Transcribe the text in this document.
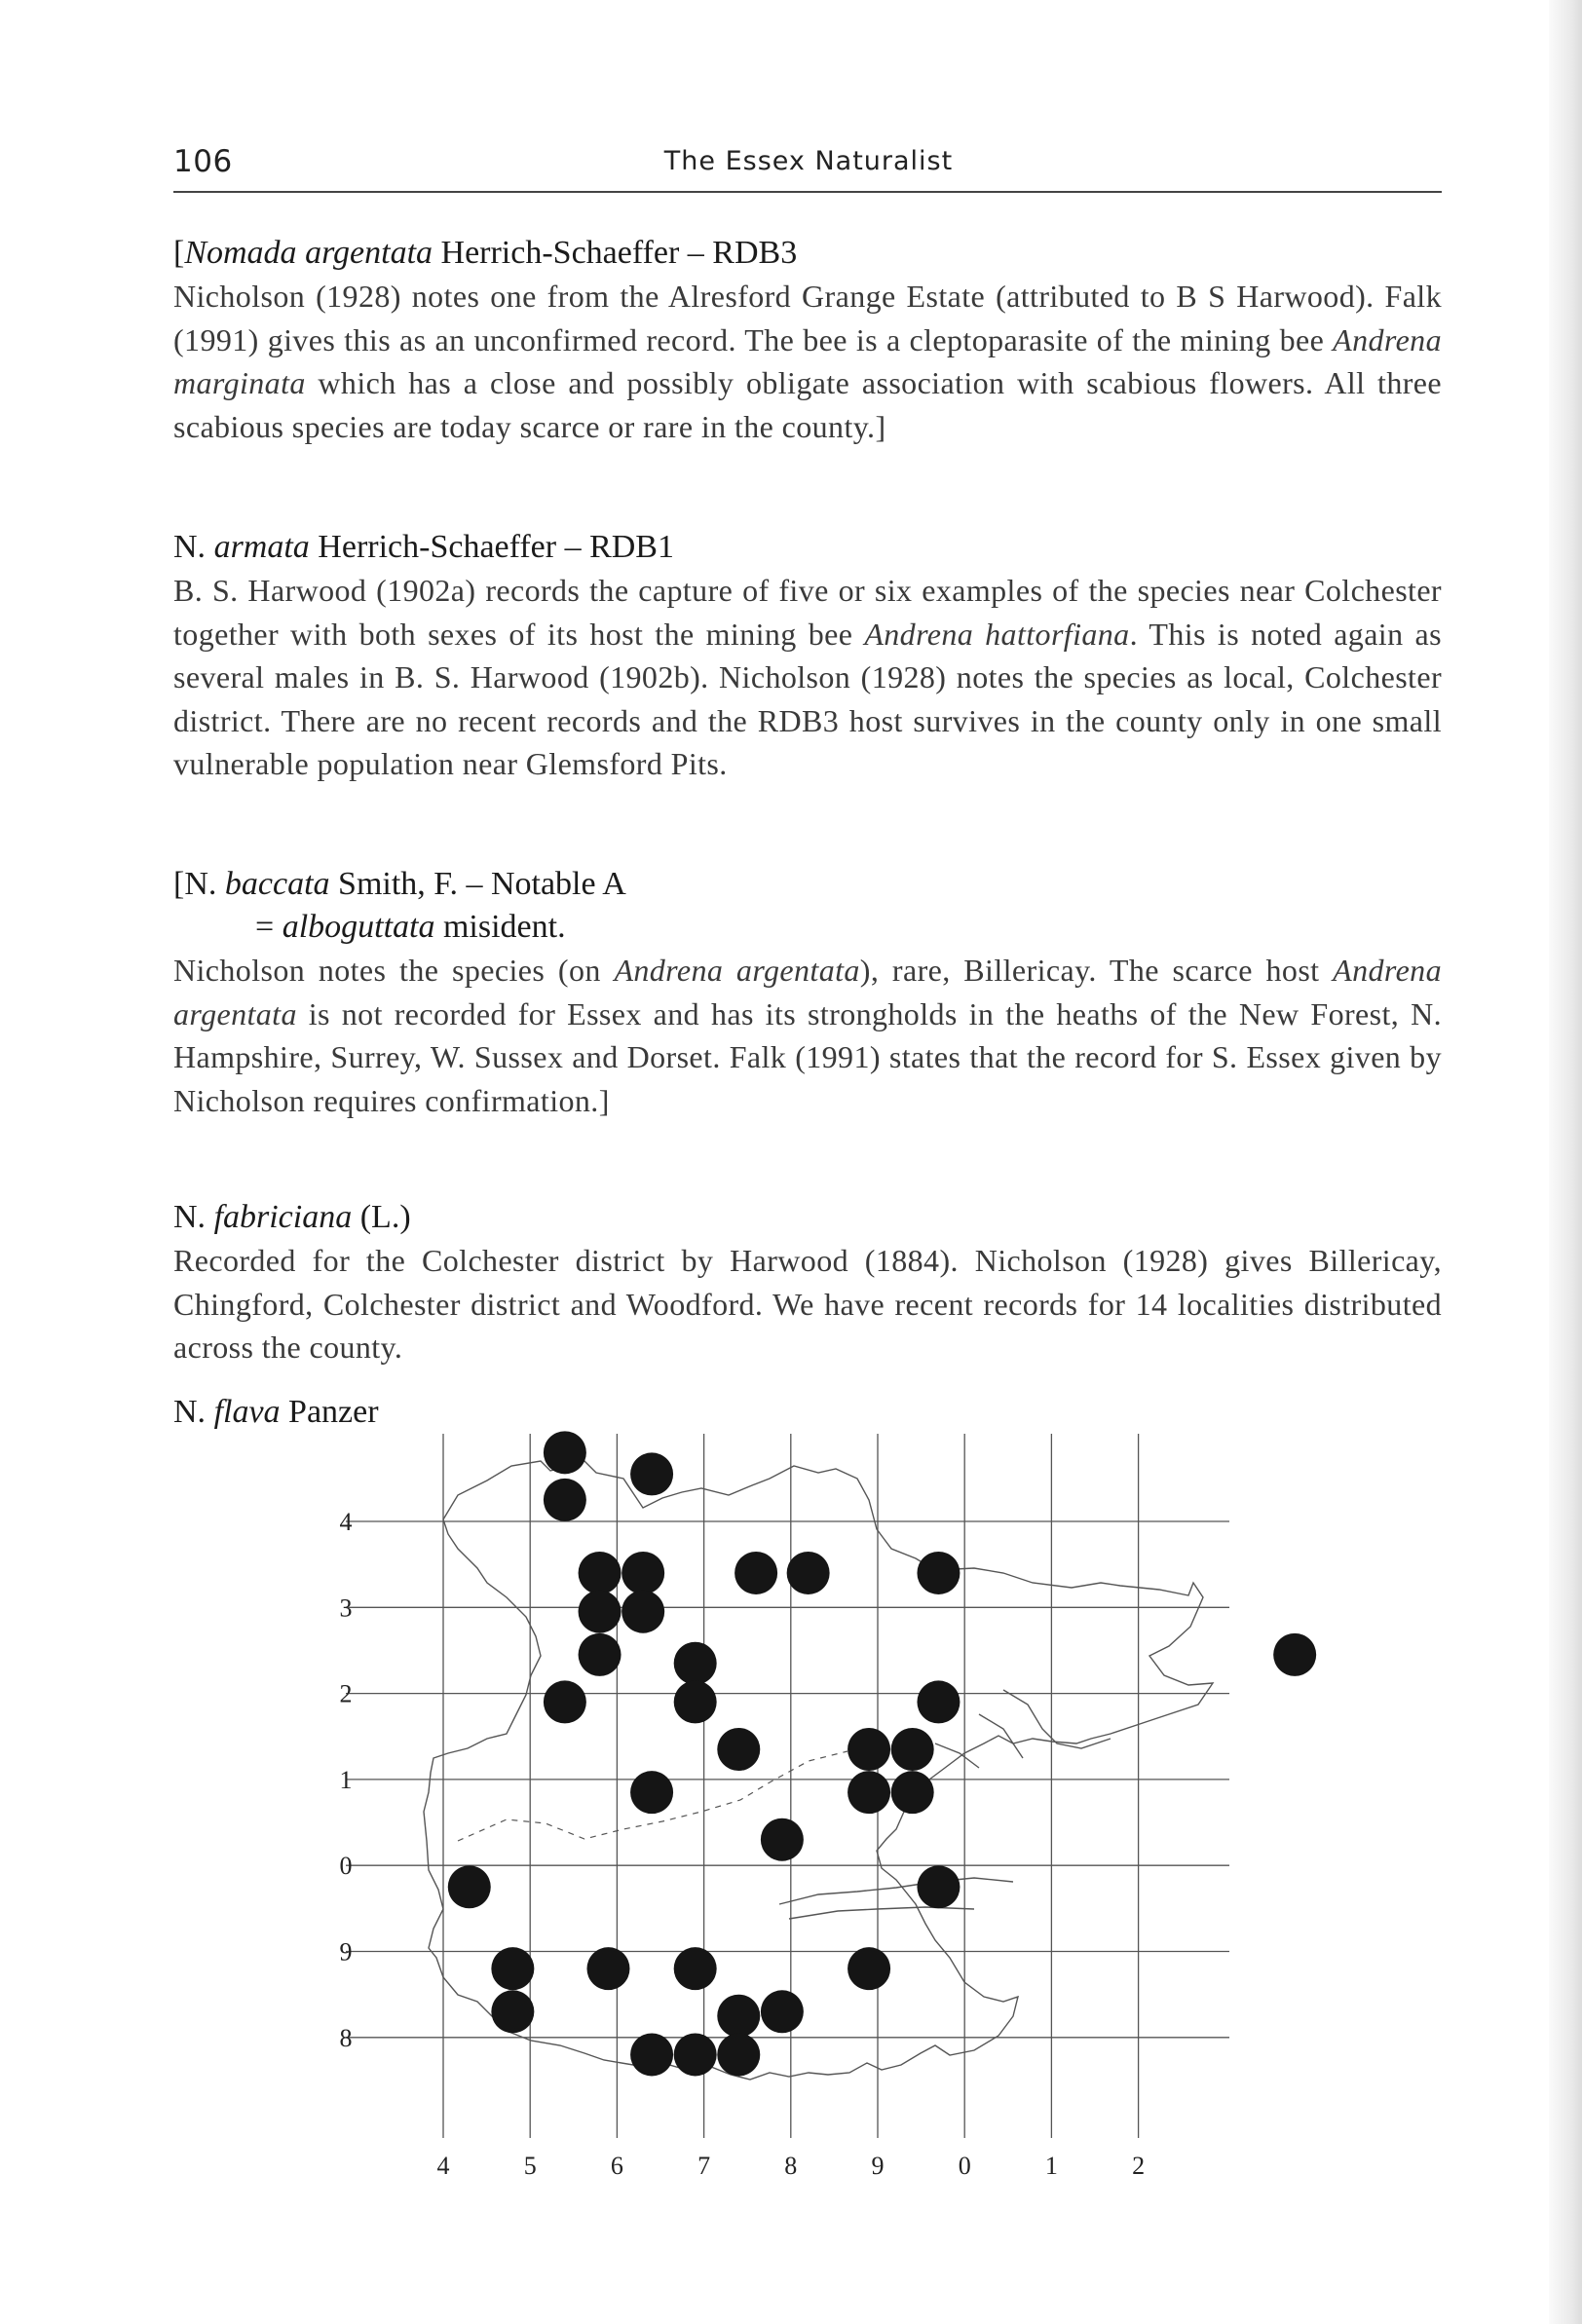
106	The Essex Naturalist
[Nomada argentata Herrich-Schaeffer – RDB3
Nicholson (1928) notes one from the Alresford Grange Estate (attributed to B S Harwood). Falk (1991) gives this as an unconfirmed record. The bee is a cleptoparasite of the mining bee Andrena marginata which has a close and possibly obligate association with scabious flowers. All three scabious species are today scarce or rare in the county.]
N. armata Herrich-Schaeffer – RDB1
B. S. Harwood (1902a) records the capture of five or six examples of the species near Colchester together with both sexes of its host the mining bee Andrena hattorfiana. This is noted again as several males in B. S. Harwood (1902b). Nicholson (1928) notes the species as local, Colchester district. There are no recent records and the RDB3 host survives in the county only in one small vulnerable population near Glemsford Pits.
[N. baccata Smith, F. – Notable A
= alboguttata misident.
Nicholson notes the species (on Andrena argentata), rare, Billericay. The scarce host Andrena argentata is not recorded for Essex and has its strongholds in the heaths of the New Forest, N. Hampshire, Surrey, W. Sussex and Dorset. Falk (1991) states that the record for S. Essex given by Nicholson requires confirmation.]
N. fabriciana (L.)
Recorded for the Colchester district by Harwood (1884). Nicholson (1928) gives Billericay, Chingford, Colchester district and Woodford. We have recent records for 14 localities distributed across the county.
N. flava Panzer
4
3
2
1
0
9
8
4	5	6	7	8	9	0	1	2
